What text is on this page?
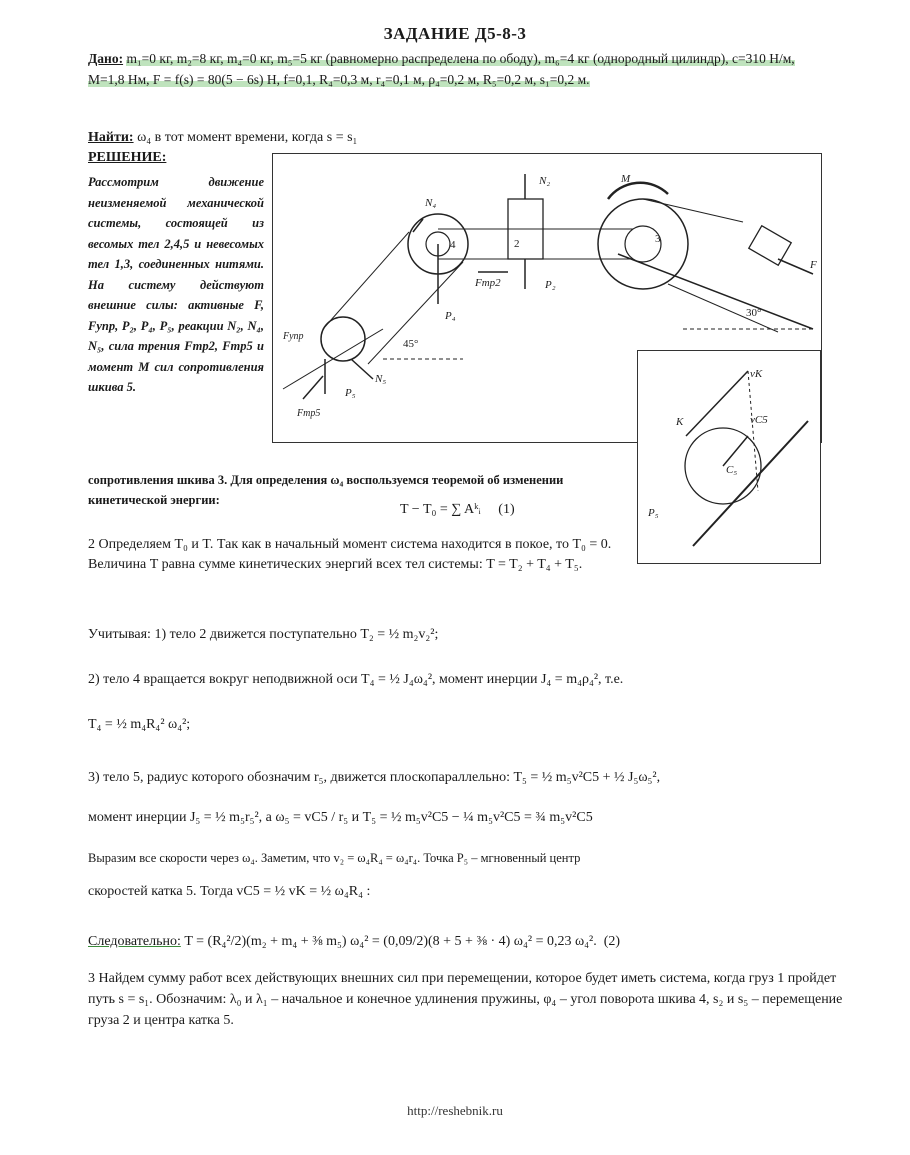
ЗАДАНИЕ Д5-8-3
Дано: m₁=0 кг, m₂=8 кг, m₄=0 кг, m₅=5 кг (равномерно распределена по ободу), m₆=4 кг (однородный цилиндр), c=310 Н/м, M=1,8 Нм, F = f(s) = 80(5 − 6s) Н, f=0,1, R₄=0,3 м, r₄=0,1 м, ρ₄=0,2 м, R₅=0,2 м, s₁=0,2 м.
Найти: ω₄ в тот момент времени, когда s = s₁
РЕШЕНИЕ:
Рассмотрим движение неизменяемой механической системы, состоящей из весомых тел 2,4,5 и невесомых тел 1,3, соединенных нитями. На систему действуют внешние силы: активные F, Fупр, P₂, P₄, P₅, реакции N₂, N₄, N₅, сила трения Fтр2, Fтр5 и момент M сил сопротивления шкива 5.
3
F
30°
M
2
N₂
P₂
Fтр2
4
N₄
P₄
45°
Fупр
P₅
N₅
Fтр5
vK
vC5
K
C₅
P₅
сопротивления шкива 3. Для определения ω₄ воспользуемся теоремой об изменении кинетической энергии:
T − T₀ = ∑ Aᵏᵢ (1)
2 Определяем T₀ и T. Так как в начальный момент система находится в покое, то T₀ = 0. Величина T равна сумме кинетических энергий всех тел системы: T = T₂ + T₄ + T₅.
Учитывая: 1) тело 2 движется поступательно T₂ = ½ m₂v₂²;
2) тело 4 вращается вокруг неподвижной оси T₄ = ½ J₄ω₄², момент инерции J₄ = m₄ρ₄², т.е.
T₄ = ½ m₄R₄² ω₄²;
3) тело 5, радиус которого обозначим r₅, движется плоскопараллельно: T₅ = ½ m₅v²C5 + ½ J₅ω₅²,
момент инерции J₅ = ½ m₅r₅², а ω₅ = vC5 / r₅ и T₅ = ½ m₅v²C5 − ¼ m₅v²C5 = ¾ m₅v²C5
Выразим все скорости через ω₄. Заметим, что v₂ = ω₄R₄ = ω₄r₄. Точка P₅ – мгновенный центр
скоростей катка 5. Тогда vC5 = ½ vK = ½ ω₄R₄ :
Следовательно: T = (R₄²/2)(m₂ + m₄ + ⅜ m₅) ω₄² = (0,09/2)(8 + 5 + ⅜ · 4) ω₄² = 0,23 ω₄². (2)
3 Найдем сумму работ всех действующих внешних сил при перемещении, которое будет иметь система, когда груз 1 пройдет путь s = s₁. Обозначим: λ₀ и λ₁ – начальное и конечное удлинения пружины, φ₄ – угол поворота шкива 4, s₂ и s₅ – перемещение груза 2 и центра катка 5.
http://reshebnik.ru
